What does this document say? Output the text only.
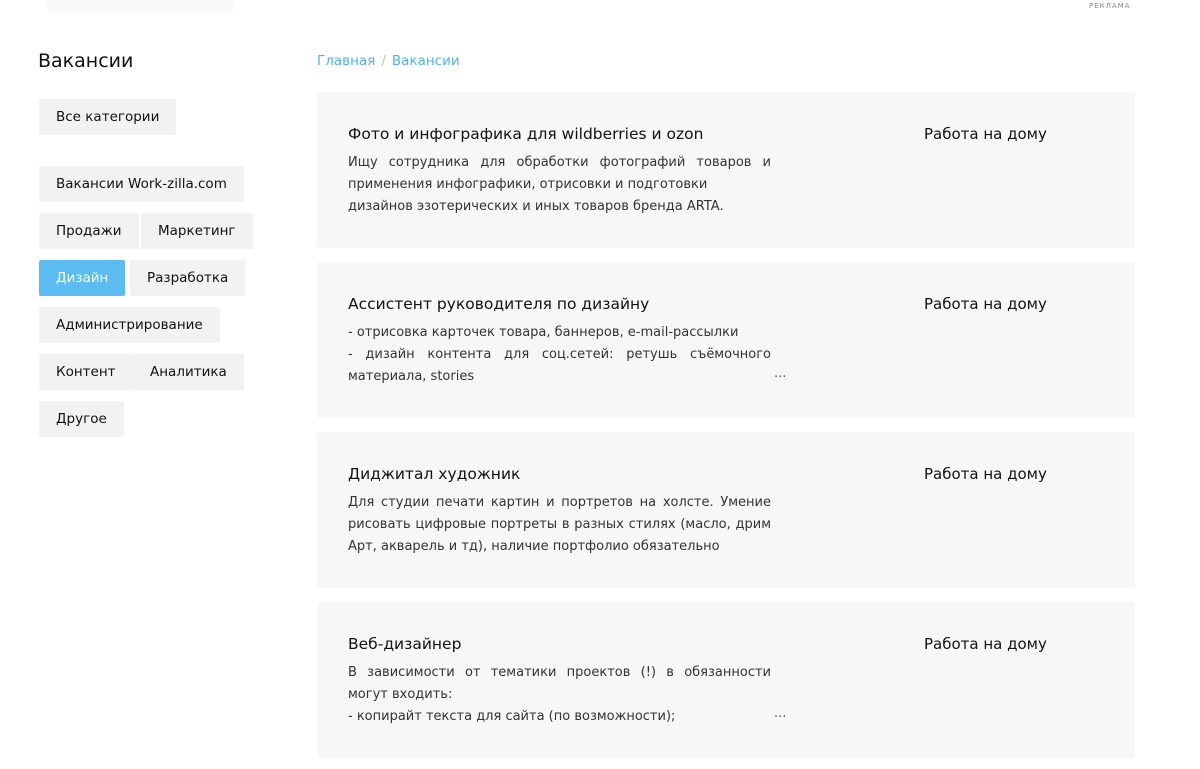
РЕКЛАМА
Вакансии
Все категории
Вакансии Work-zilla.com
Продажи	Маркетинг
Дизайн	Разработка
Администрирование
Контент	Аналитика
Другое
Главная / Вакансии
Фото и инфографика для wildberries и ozon
Ищу сотрудника для обработки фотографий товаров и применения инфографики, отрисовки и подготовки
дизайнов эзотерических и иных товаров бренда ARTA.
Работа на дому
Ассистент руководителя по дизайну
- отрисовка карточек товара, баннеров, e-mail-рассылки
- дизайн контента для соц.сетей: ретушь съёмочного материала, stories
Работа на дому
...
Диджитал художник
Для студии печати картин и портретов на холсте. Умение рисовать цифровые портреты в разных стилях (масло, дрим Арт, акварель и тд), наличие портфолио обязательно
Работа на дому
Веб-дизайнер
В зависимости от тематики проектов (!) в обязанности могут входить:
- копирайт текста для сайта (по возможности);
Работа на дому
...
